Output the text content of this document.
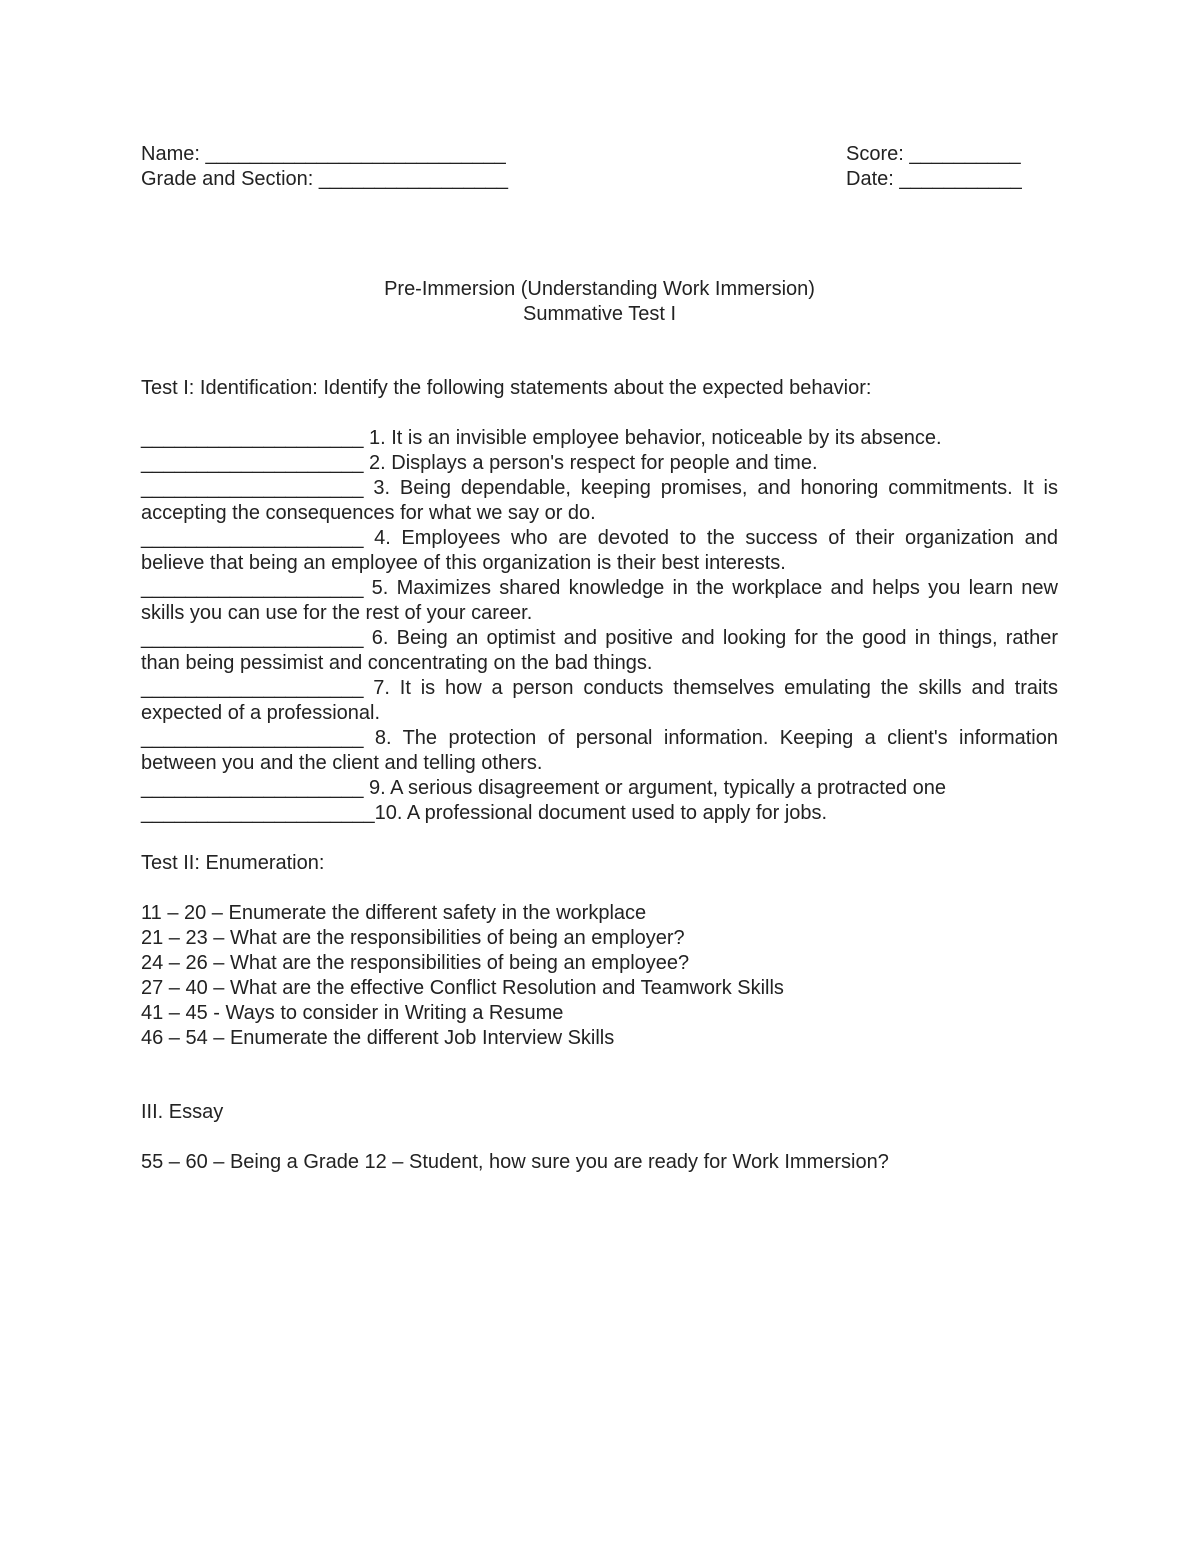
Name: ___________________________	Score: __________
Grade and Section: _________________	Date: ___________
Pre-Immersion (Understanding Work Immersion)
Summative Test I
Test I: Identification: Identify the following statements about the expected behavior:
____________________ 1. It is an invisible employee behavior, noticeable by its absence.
____________________ 2. Displays a person's respect for people and time.
____________________ 3. Being dependable, keeping promises, and honoring commitments. It is accepting the consequences for what we say or do.
____________________ 4. Employees who are devoted to the success of their organization and believe that being an employee of this organization is their best interests.
____________________ 5. Maximizes shared knowledge in the workplace and helps you learn new skills you can use for the rest of your career.
____________________ 6. Being an optimist and positive and looking for the good in things, rather than being pessimist and concentrating on the bad things.
____________________ 7. It is how a person conducts themselves emulating the skills and traits expected of a professional.
____________________ 8. The protection of personal information. Keeping a client's information between you and the client and telling others.
____________________ 9. A serious disagreement or argument, typically a protracted one
_____________________10. A professional document used to apply for jobs.
Test II: Enumeration:
11 – 20 – Enumerate the different safety in the workplace
21 – 23 – What are the responsibilities of being an employer?
24 – 26 – What are the responsibilities of being an employee?
27 – 40 – What are the effective Conflict Resolution and Teamwork Skills
41 – 45 - Ways to consider in Writing a Resume
46 – 54 – Enumerate the different Job Interview Skills
III. Essay
55 – 60 – Being a Grade 12 – Student, how sure you are ready for Work Immersion?
